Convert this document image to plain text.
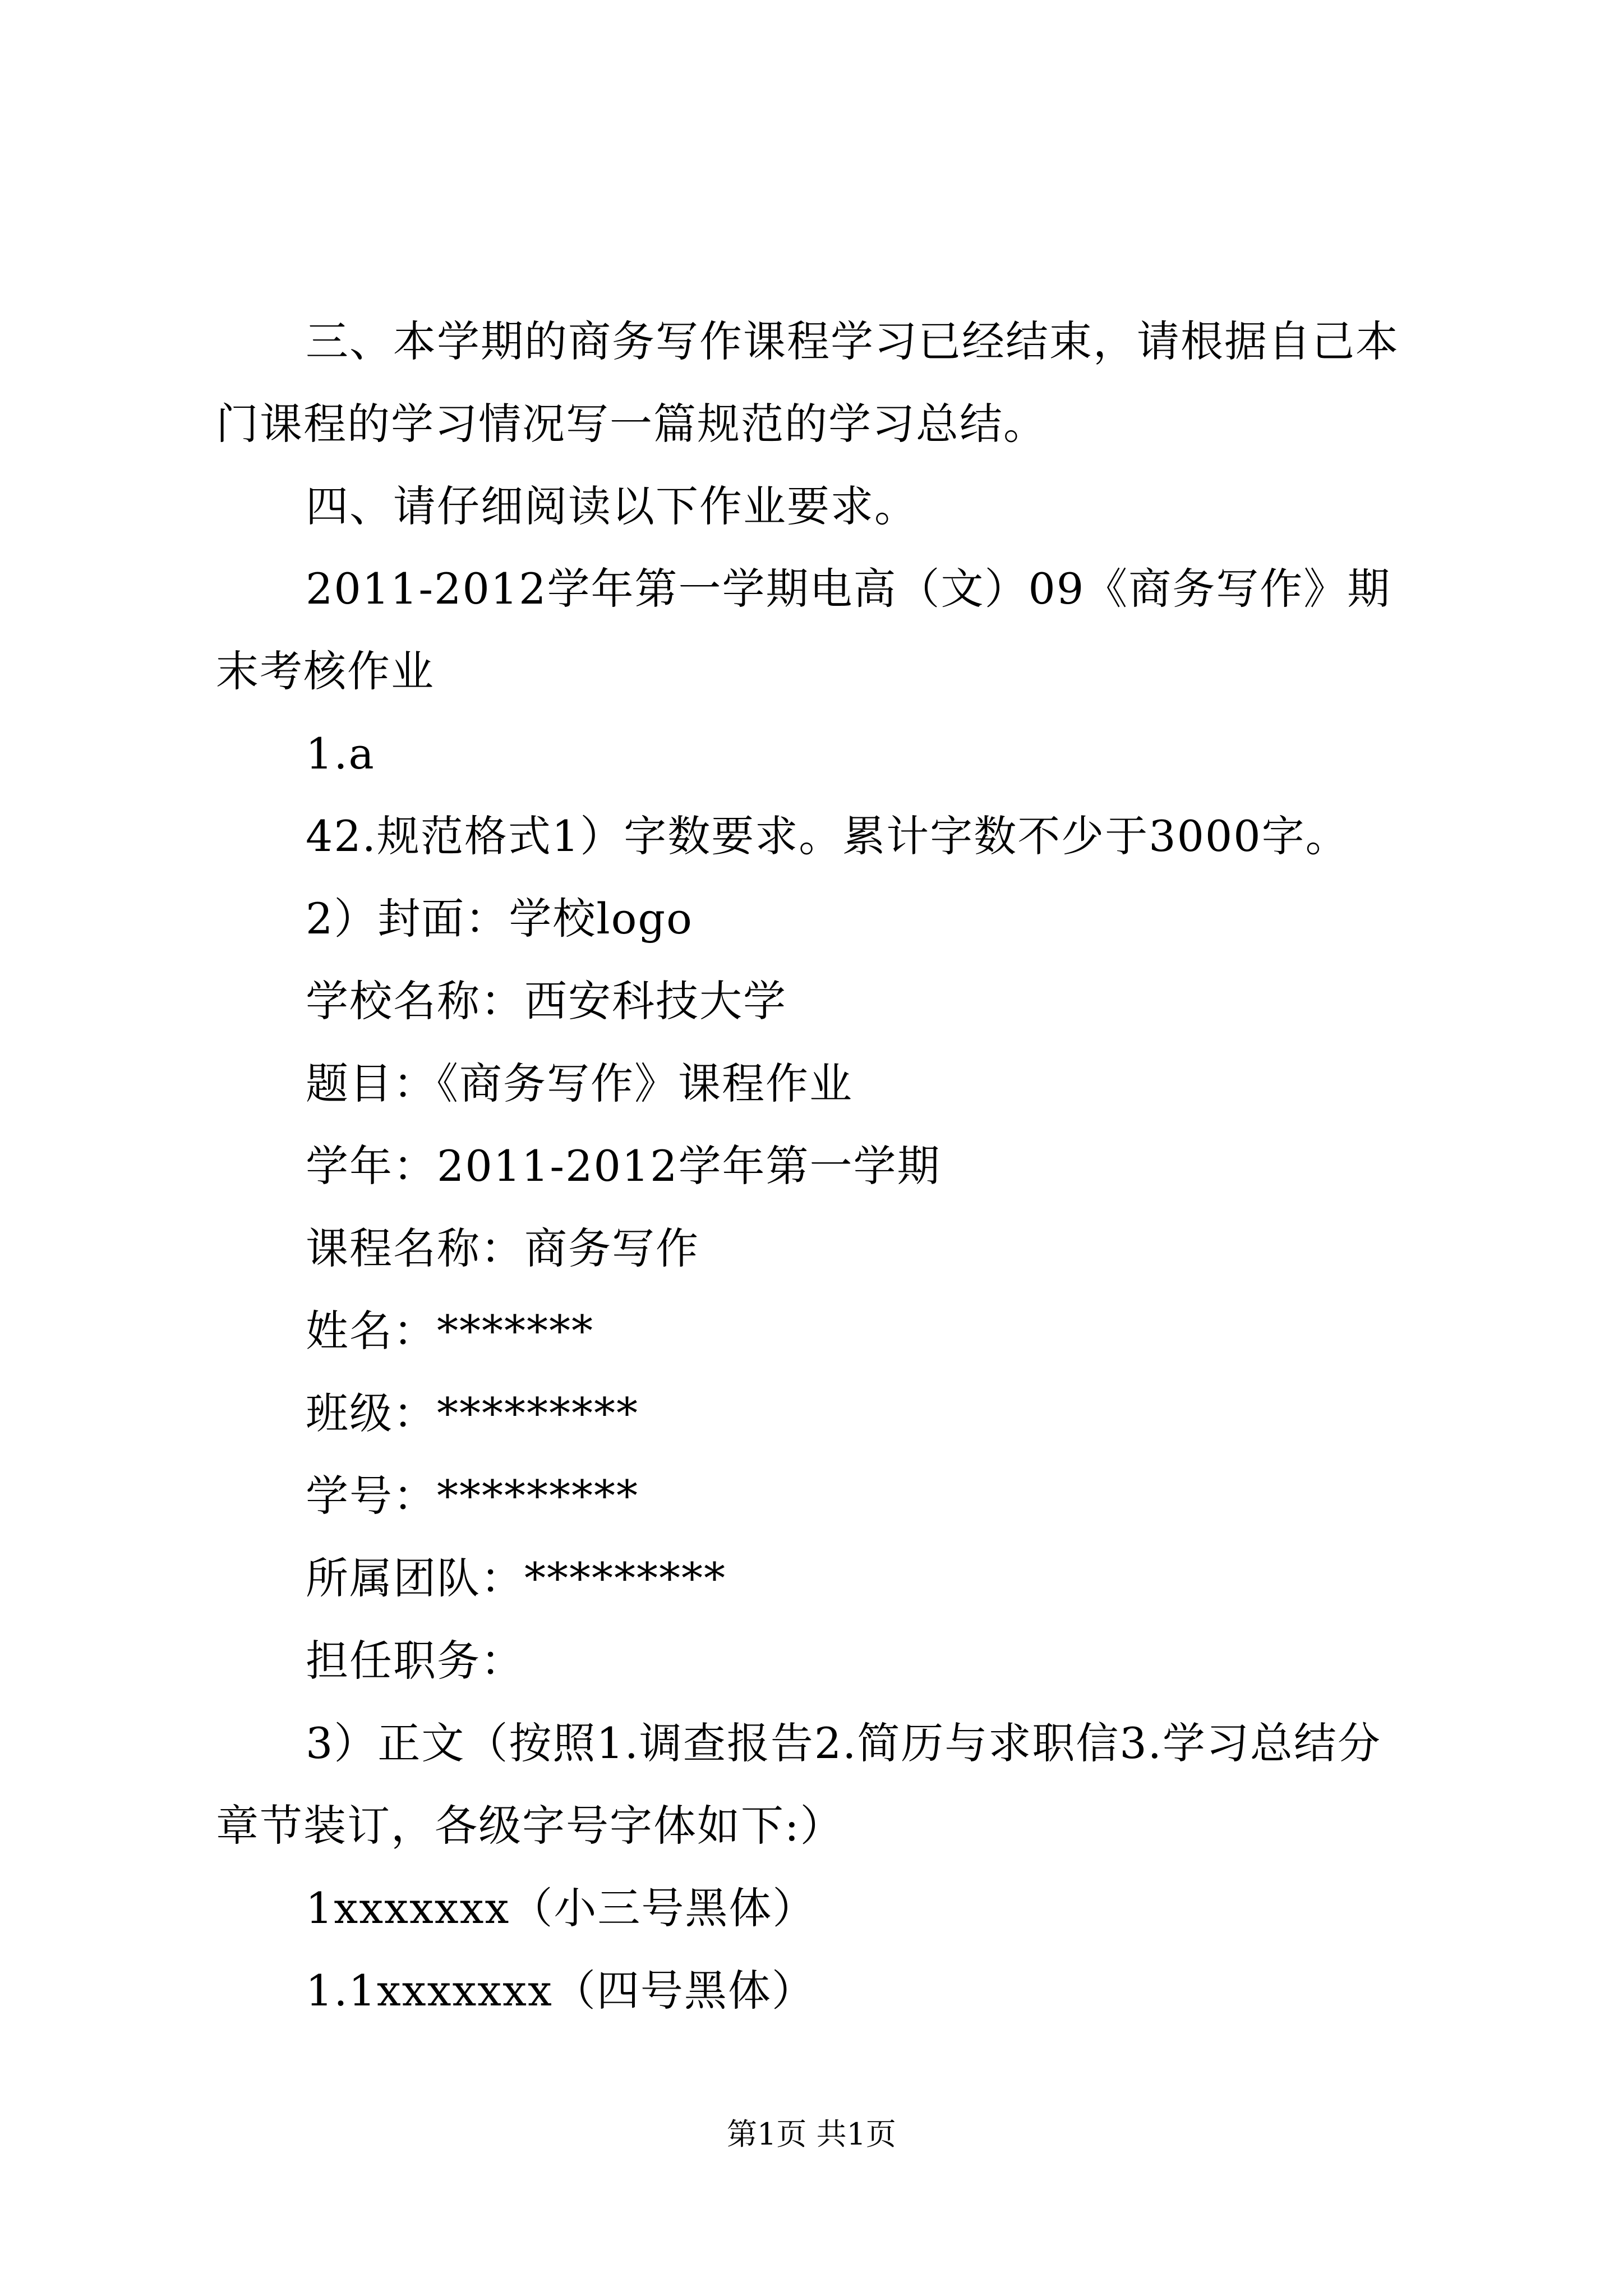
三、本学期的商务写作课程学习已经结束，请根据自己本门课程的学习情况写一篇规范的学习总结。

四、请仔细阅读以下作业要求。

2011-2012学年第一学期电高（文）09《商务写作》期末考核作业

1.a

42.规范格式1）字数要求。累计字数不少于3000字。

2）封面：学校logo

学校名称：西安科技大学

题目：《商务写作》课程作业

学年：2011-2012学年第一学期

课程名称：商务写作

姓名：*******

班级：*********

学号：*********

所属团队：*********

担任职务：

3）正文（按照1.调查报告2.简历与求职信3.学习总结分章节装订，各级字号字体如下:）

1xxxxxxx（小三号黑体）

1.1xxxxxxx（四号黑体）

第1页 共1页
